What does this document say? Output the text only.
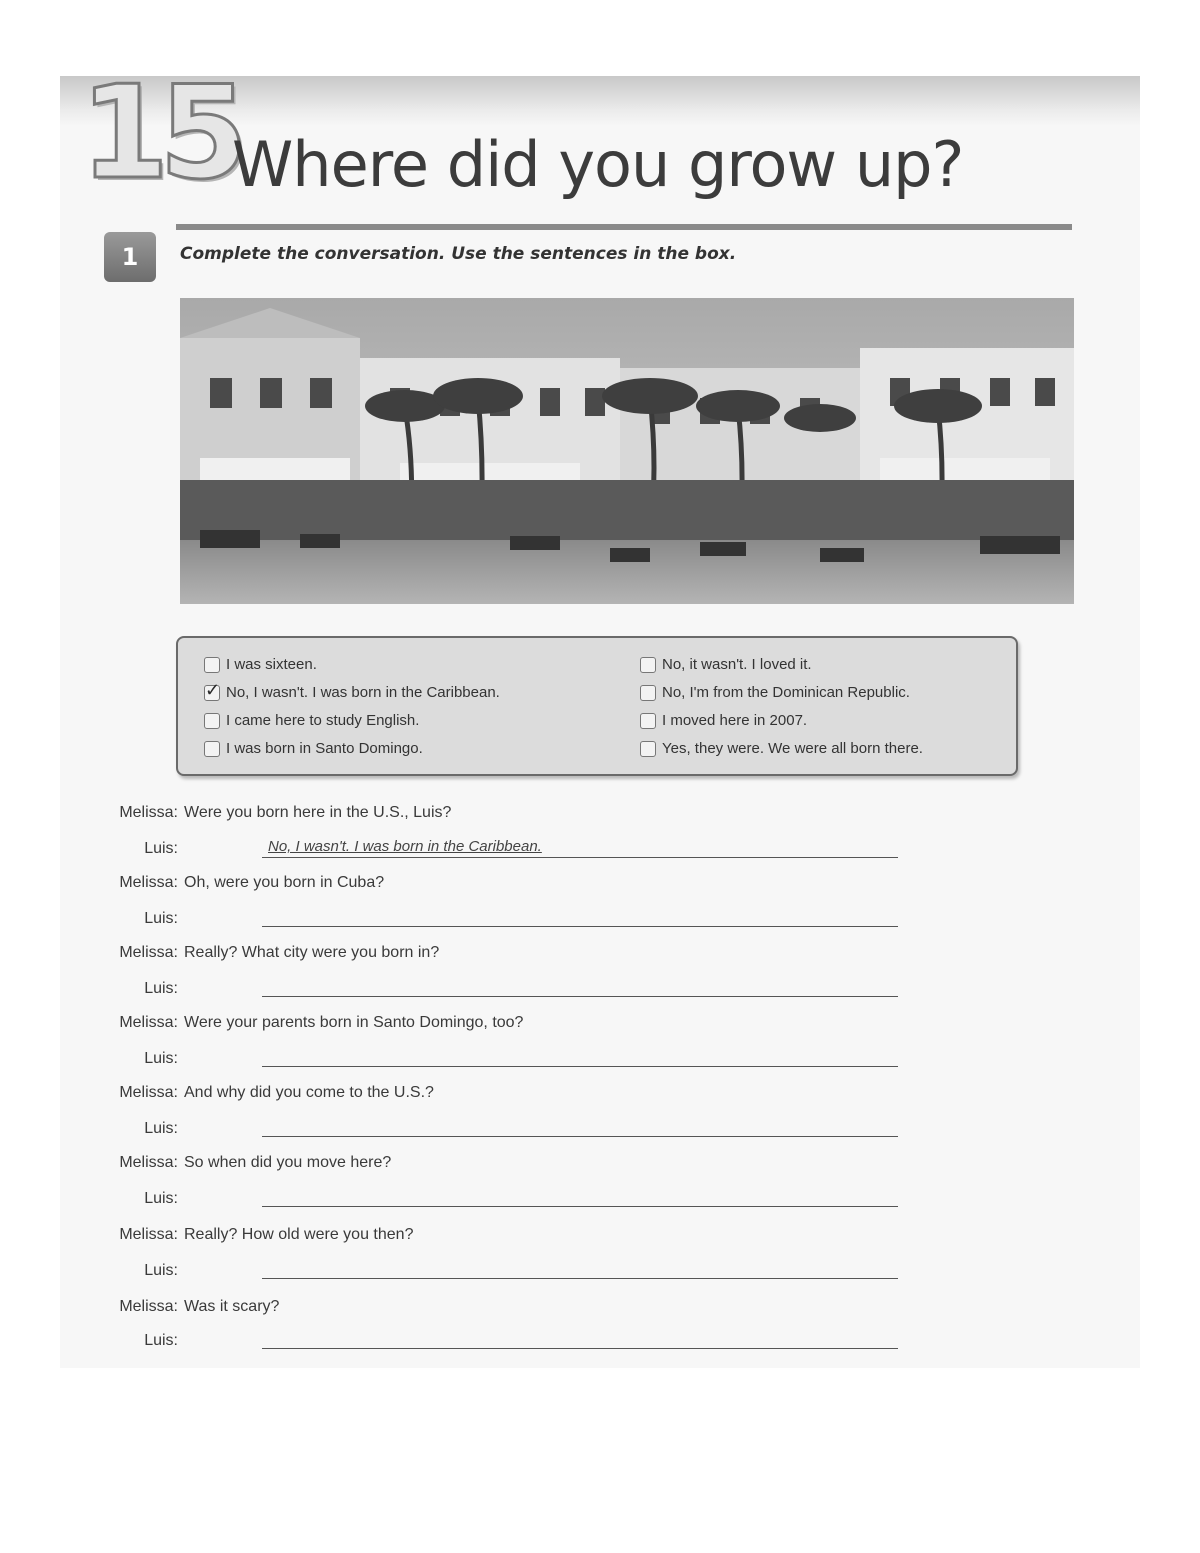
15
Where did you grow up?
1	Complete the conversation. Use the sentences in the box.
I was sixteen.
✓ No, I wasn't. I was born in the Caribbean.
I came here to study English.
I was born in Santo Domingo.
No, it wasn't. I loved it.
No, I'm from the Dominican Republic.
I moved here in 2007.
Yes, they were. We were all born there.
Melissa: Were you born here in the U.S., Luis?
Luis:	No, I wasn't. I was born in the Caribbean.
Melissa: Oh, were you born in Cuba?
Luis:
Melissa: Really? What city were you born in?
Luis:
Melissa: Were your parents born in Santo Domingo, too?
Luis:
Melissa: And why did you come to the U.S.?
Luis:
Melissa: So when did you move here?
Luis:
Melissa: Really? How old were you then?
Luis:
Melissa: Was it scary?
Luis:
